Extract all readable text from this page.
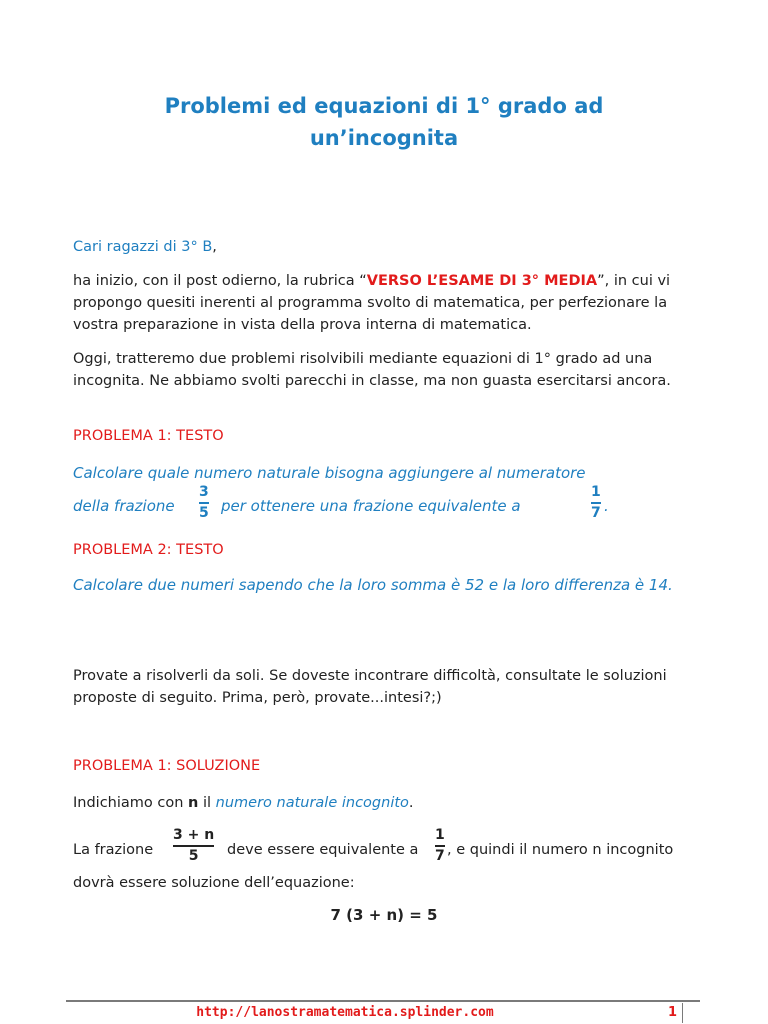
Problemi ed equazioni di 1° grado ad
un’incognita
Cari ragazzi di 3° B,
ha inizio, con il post odierno, la rubrica “VERSO L’ESAME DI 3° MEDIA”, in cui vi propongo quesiti inerenti al programma svolto di matematica, per perfezionare la vostra preparazione in vista della prova interna di matematica.
Oggi, tratteremo due problemi risolvibili mediante equazioni di 1° grado ad una incognita. Ne abbiamo svolti parecchi in classe, ma non guasta esercitarsi ancora.
PROBLEMA 1: TESTO
Calcolare quale numero naturale bisogna aggiungere al numeratore
della frazione
3
5 per ottenere una frazione equivalente a
1
7 .
PROBLEMA 2: TESTO
Calcolare due numeri sapendo che la loro somma è 52 e la loro differenza è 14.
Provate a risolverli da soli. Se doveste incontrare difficoltà, consultate le soluzioni proposte di seguito. Prima, però, provate...intesi?;)
PROBLEMA 1: SOLUZIONE
Indichiamo con n il numero naturale incognito.
La frazione
3 + n
5 deve essere equivalente a
1
7 , e quindi il numero n incognito
dovrà essere soluzione dell’equazione:
7 (3 + n) = 5
http://lanostramatematica.splinder.com	1
